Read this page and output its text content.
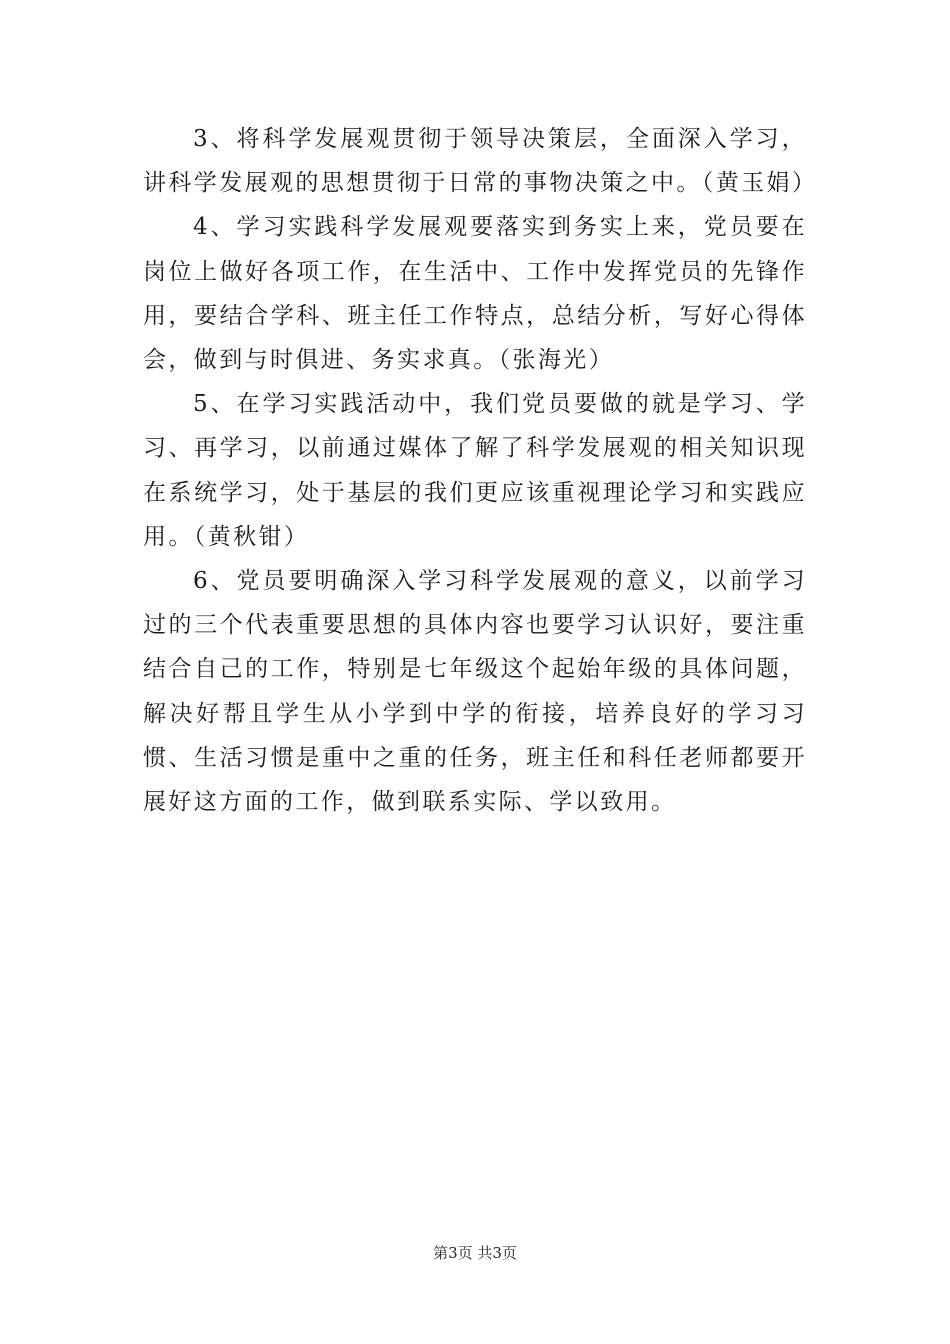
3、将科学发展观贯彻于领导决策层，全面深入学习，讲科学发展观的思想贯彻于日常的事物决策之中。（黄玉娟）

4、学习实践科学发展观要落实到务实上来，党员要在岗位上做好各项工作，在生活中、工作中发挥党员的先锋作用，要结合学科、班主任工作特点，总结分析，写好心得体会，做到与时俱进、务实求真。（张海光）

5、在学习实践活动中，我们党员要做的就是学习、学习、再学习，以前通过媒体了解了科学发展观的相关知识现在系统学习，处于基层的我们更应该重视理论学习和实践应用。（黄秋钳）

6、党员要明确深入学习科学发展观的意义，以前学习过的三个代表重要思想的具体内容也要学习认识好，要注重结合自己的工作，特别是七年级这个起始年级的具体问题，解决好帮且学生从小学到中学的衔接，培养良好的学习习惯、生活习惯是重中之重的任务，班主任和科任老师都要开展好这方面的工作，做到联系实际、学以致用。

第3页 共3页
